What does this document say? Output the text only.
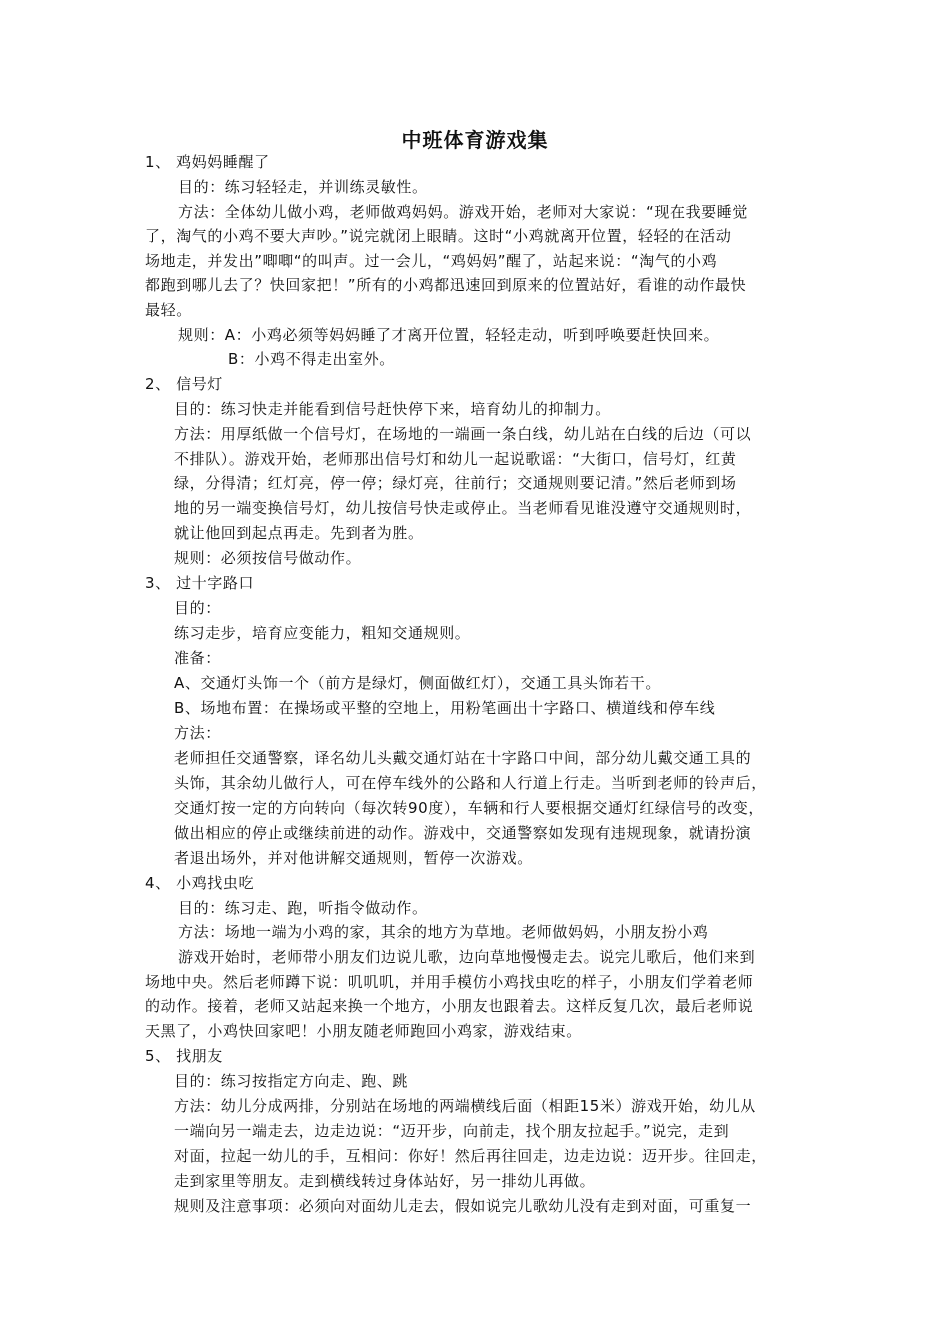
中班体育游戏集
1、 鸡妈妈睡醒了
目的：练习轻轻走，并训练灵敏性。
方法：全体幼儿做小鸡，老师做鸡妈妈。游戏开始，老师对大家说：“现在我要睡觉
了，淘气的小鸡不要大声吵。”说完就闭上眼睛。这时“小鸡就离开位置，轻轻的在活动
场地走，并发出”唧唧“的叫声。过一会儿，“鸡妈妈”醒了，站起来说：“淘气的小鸡
都跑到哪儿去了？快回家把！”所有的小鸡都迅速回到原来的位置站好，看谁的动作最快
最轻。
规则：A：小鸡必须等妈妈睡了才离开位置，轻轻走动，听到呼唤要赶快回来。
B：小鸡不得走出室外。
2、 信号灯
目的：练习快走并能看到信号赶快停下来，培育幼儿的抑制力。
方法：用厚纸做一个信号灯，在场地的一端画一条白线，幼儿站在白线的后边（可以
不排队）。游戏开始，老师那出信号灯和幼儿一起说歌谣：“大街口，信号灯，红黄
绿，分得清；红灯亮，停一停；绿灯亮，往前行；交通规则要记清。”然后老师到场
地的另一端变换信号灯，幼儿按信号快走或停止。当老师看见谁没遵守交通规则时，
就让他回到起点再走。先到者为胜。
规则：必须按信号做动作。
3、 过十字路口
目的：
练习走步，培育应变能力，粗知交通规则。
准备：
A、交通灯头饰一个（前方是绿灯，侧面做红灯），交通工具头饰若干。
B、场地布置：在操场或平整的空地上，用粉笔画出十字路口、横道线和停车线
方法：
老师担任交通警察，译名幼儿头戴交通灯站在十字路口中间，部分幼儿戴交通工具的
头饰，其余幼儿做行人，可在停车线外的公路和人行道上行走。当听到老师的铃声后，
交通灯按一定的方向转向（每次转90度），车辆和行人要根据交通灯红绿信号的改变，
做出相应的停止或继续前进的动作。游戏中，交通警察如发现有违规现象，就请扮演
者退出场外，并对他讲解交通规则，暂停一次游戏。
4、 小鸡找虫吃
目的：练习走、跑，听指令做动作。
方法：场地一端为小鸡的家，其余的地方为草地。老师做妈妈，小朋友扮小鸡
游戏开始时，老师带小朋友们边说儿歌，边向草地慢慢走去。说完儿歌后，他们来到
场地中央。然后老师蹲下说：叽叽叽，并用手模仿小鸡找虫吃的样子，小朋友们学着老师
的动作。接着，老师又站起来换一个地方，小朋友也跟着去。这样反复几次，最后老师说
天黑了，小鸡快回家吧！小朋友随老师跑回小鸡家，游戏结束。
5、 找朋友
目的：练习按指定方向走、跑、跳
方法：幼儿分成两排，分别站在场地的两端横线后面（相距15米）游戏开始，幼儿从
一端向另一端走去，边走边说：“迈开步，向前走，找个朋友拉起手。”说完，走到
对面，拉起一幼儿的手，互相问：你好！然后再往回走，边走边说：迈开步。往回走，
走到家里等朋友。走到横线转过身体站好，另一排幼儿再做。
规则及注意事项：必须向对面幼儿走去，假如说完儿歌幼儿没有走到对面，可重复一
